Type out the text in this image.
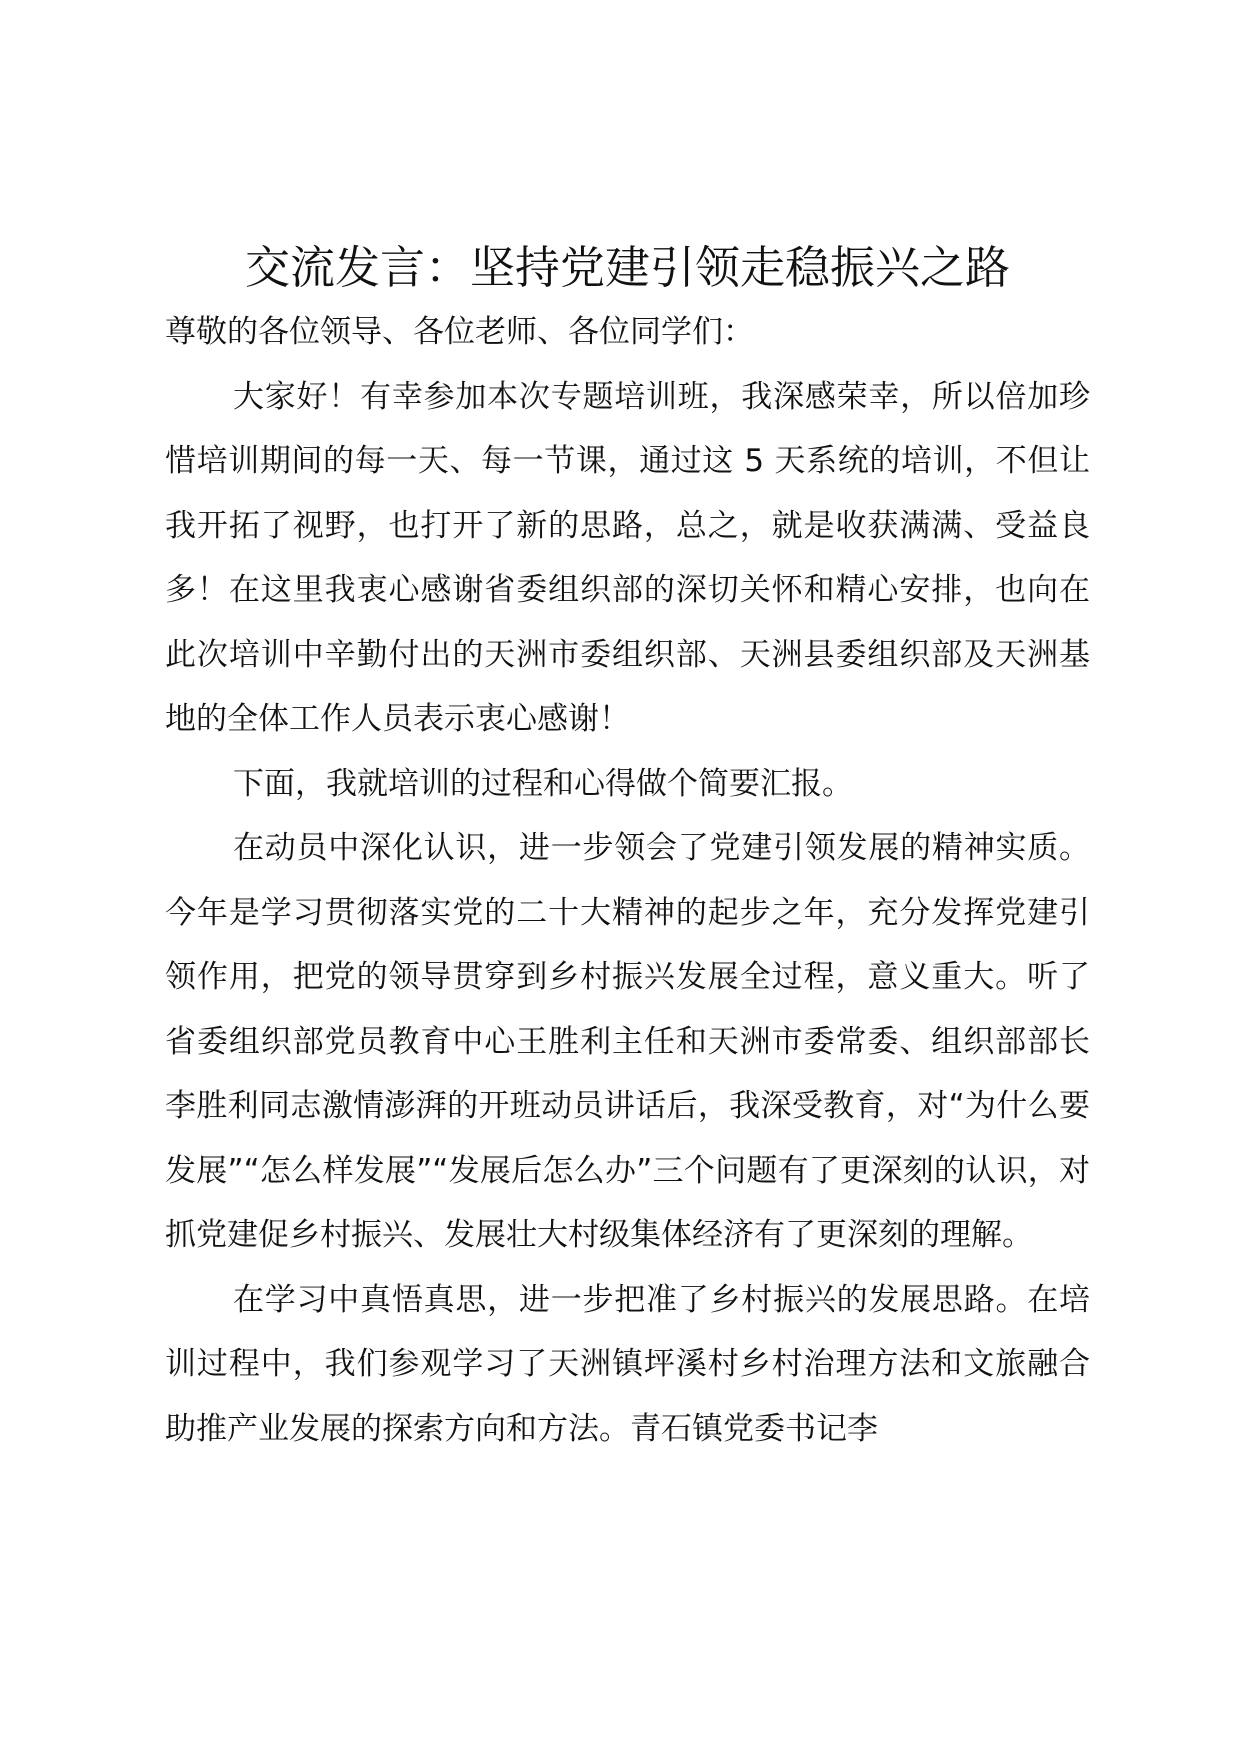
交流发言：坚持党建引领走稳振兴之路

尊敬的各位领导、各位老师、各位同学们：

大家好！有幸参加本次专题培训班，我深感荣幸，所以倍加珍惜培训期间的每一天、每一节课，通过这 5 天系统的培训，不但让我开拓了视野，也打开了新的思路，总之，就是收获满满、受益良多！在这里我衷心感谢省委组织部的深切关怀和精心安排，也向在此次培训中辛勤付出的天洲市委组织部、天洲县委组织部及天洲基地的全体工作人员表示衷心感谢！

下面，我就培训的过程和心得做个简要汇报。

在动员中深化认识，进一步领会了党建引领发展的精神实质。今年是学习贯彻落实党的二十大精神的起步之年，充分发挥党建引领作用，把党的领导贯穿到乡村振兴发展全过程，意义重大。听了省委组织部党员教育中心王胜利主任和天洲市委常委、组织部部长李胜利同志激情澎湃的开班动员讲话后，我深受教育，对“为什么要发展”“怎么样发展”“发展后怎么办”三个问题有了更深刻的认识，对抓党建促乡村振兴、发展壮大村级集体经济有了更深刻的理解。

在学习中真悟真思，进一步把准了乡村振兴的发展思路。在培训过程中，我们参观学习了天洲镇坪溪村乡村治理方法和文旅融合助推产业发展的探索方向和方法。青石镇党委书记李
